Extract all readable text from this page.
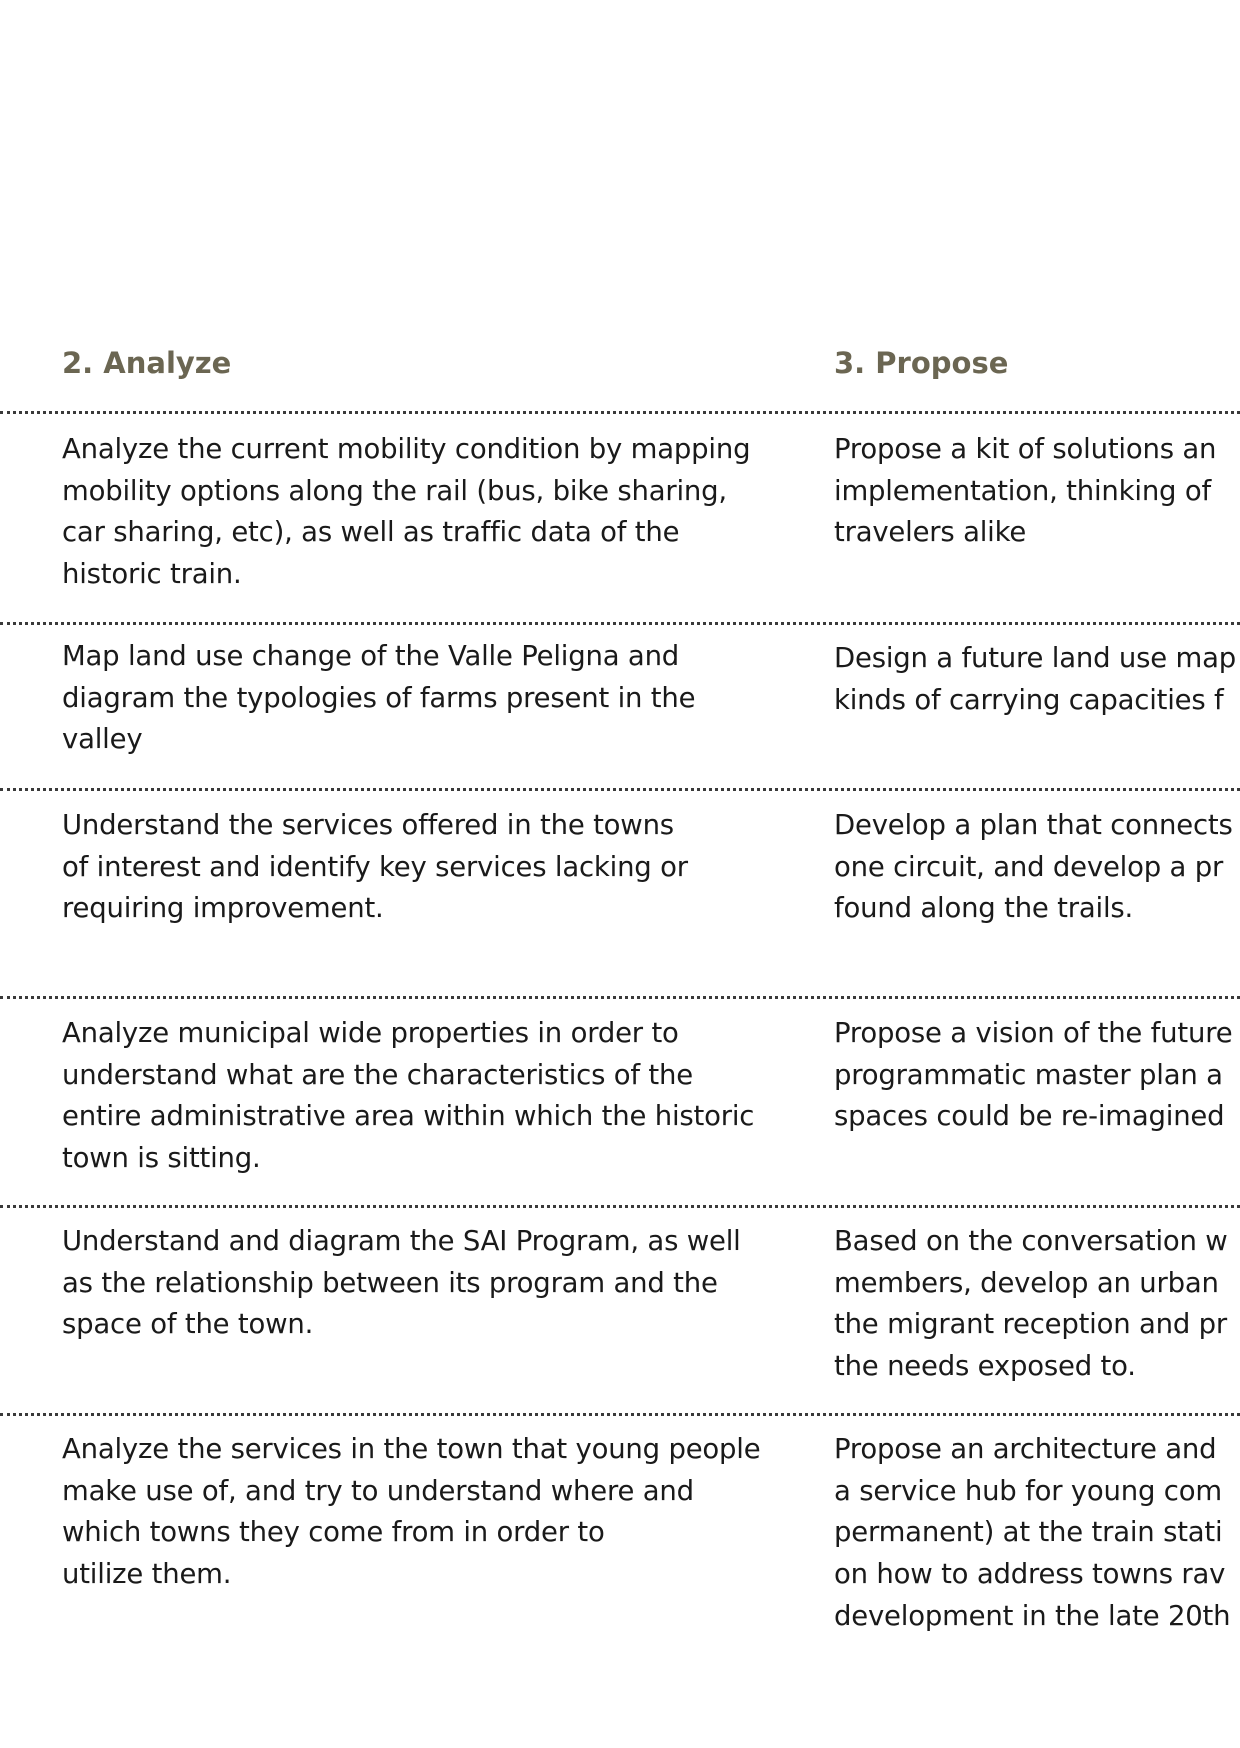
2. Analyze	3. Propose

Analyze the current mobility condition by mapping
mobility options along the rail (bus, bike sharing,
car sharing, etc), as well as traffic data of the
historic train.

Propose a kit of solutions an
implementation, thinking of
travelers alike

Map land use change of the Valle Peligna and
diagram the typologies of farms present in the
valley

Design a future land use map
kinds of carrying capacities f

Understand the services offered in the towns
of interest and identify key services lacking or
requiring improvement.

Develop a plan that connects
one circuit, and develop a pr
found along the trails.

Analyze municipal wide properties in order to
understand what are the characteristics of the
entire administrative area within which the historic
town is sitting.

Propose a vision of the future
programmatic master plan a
spaces could be re-imagined

Understand and diagram the SAI Program, as well
as the relationship between its program and the
space of the town.

Based on the conversation w
members, develop an urban
the migrant reception and pr
the needs exposed to.

Analyze the services in the town that young people
make use of, and try to understand where and
which towns they come from in order to
utilize them.

Propose an architecture and
a service hub for young com
permanent) at the train stati
on how to address towns rav
development in the late 20th
